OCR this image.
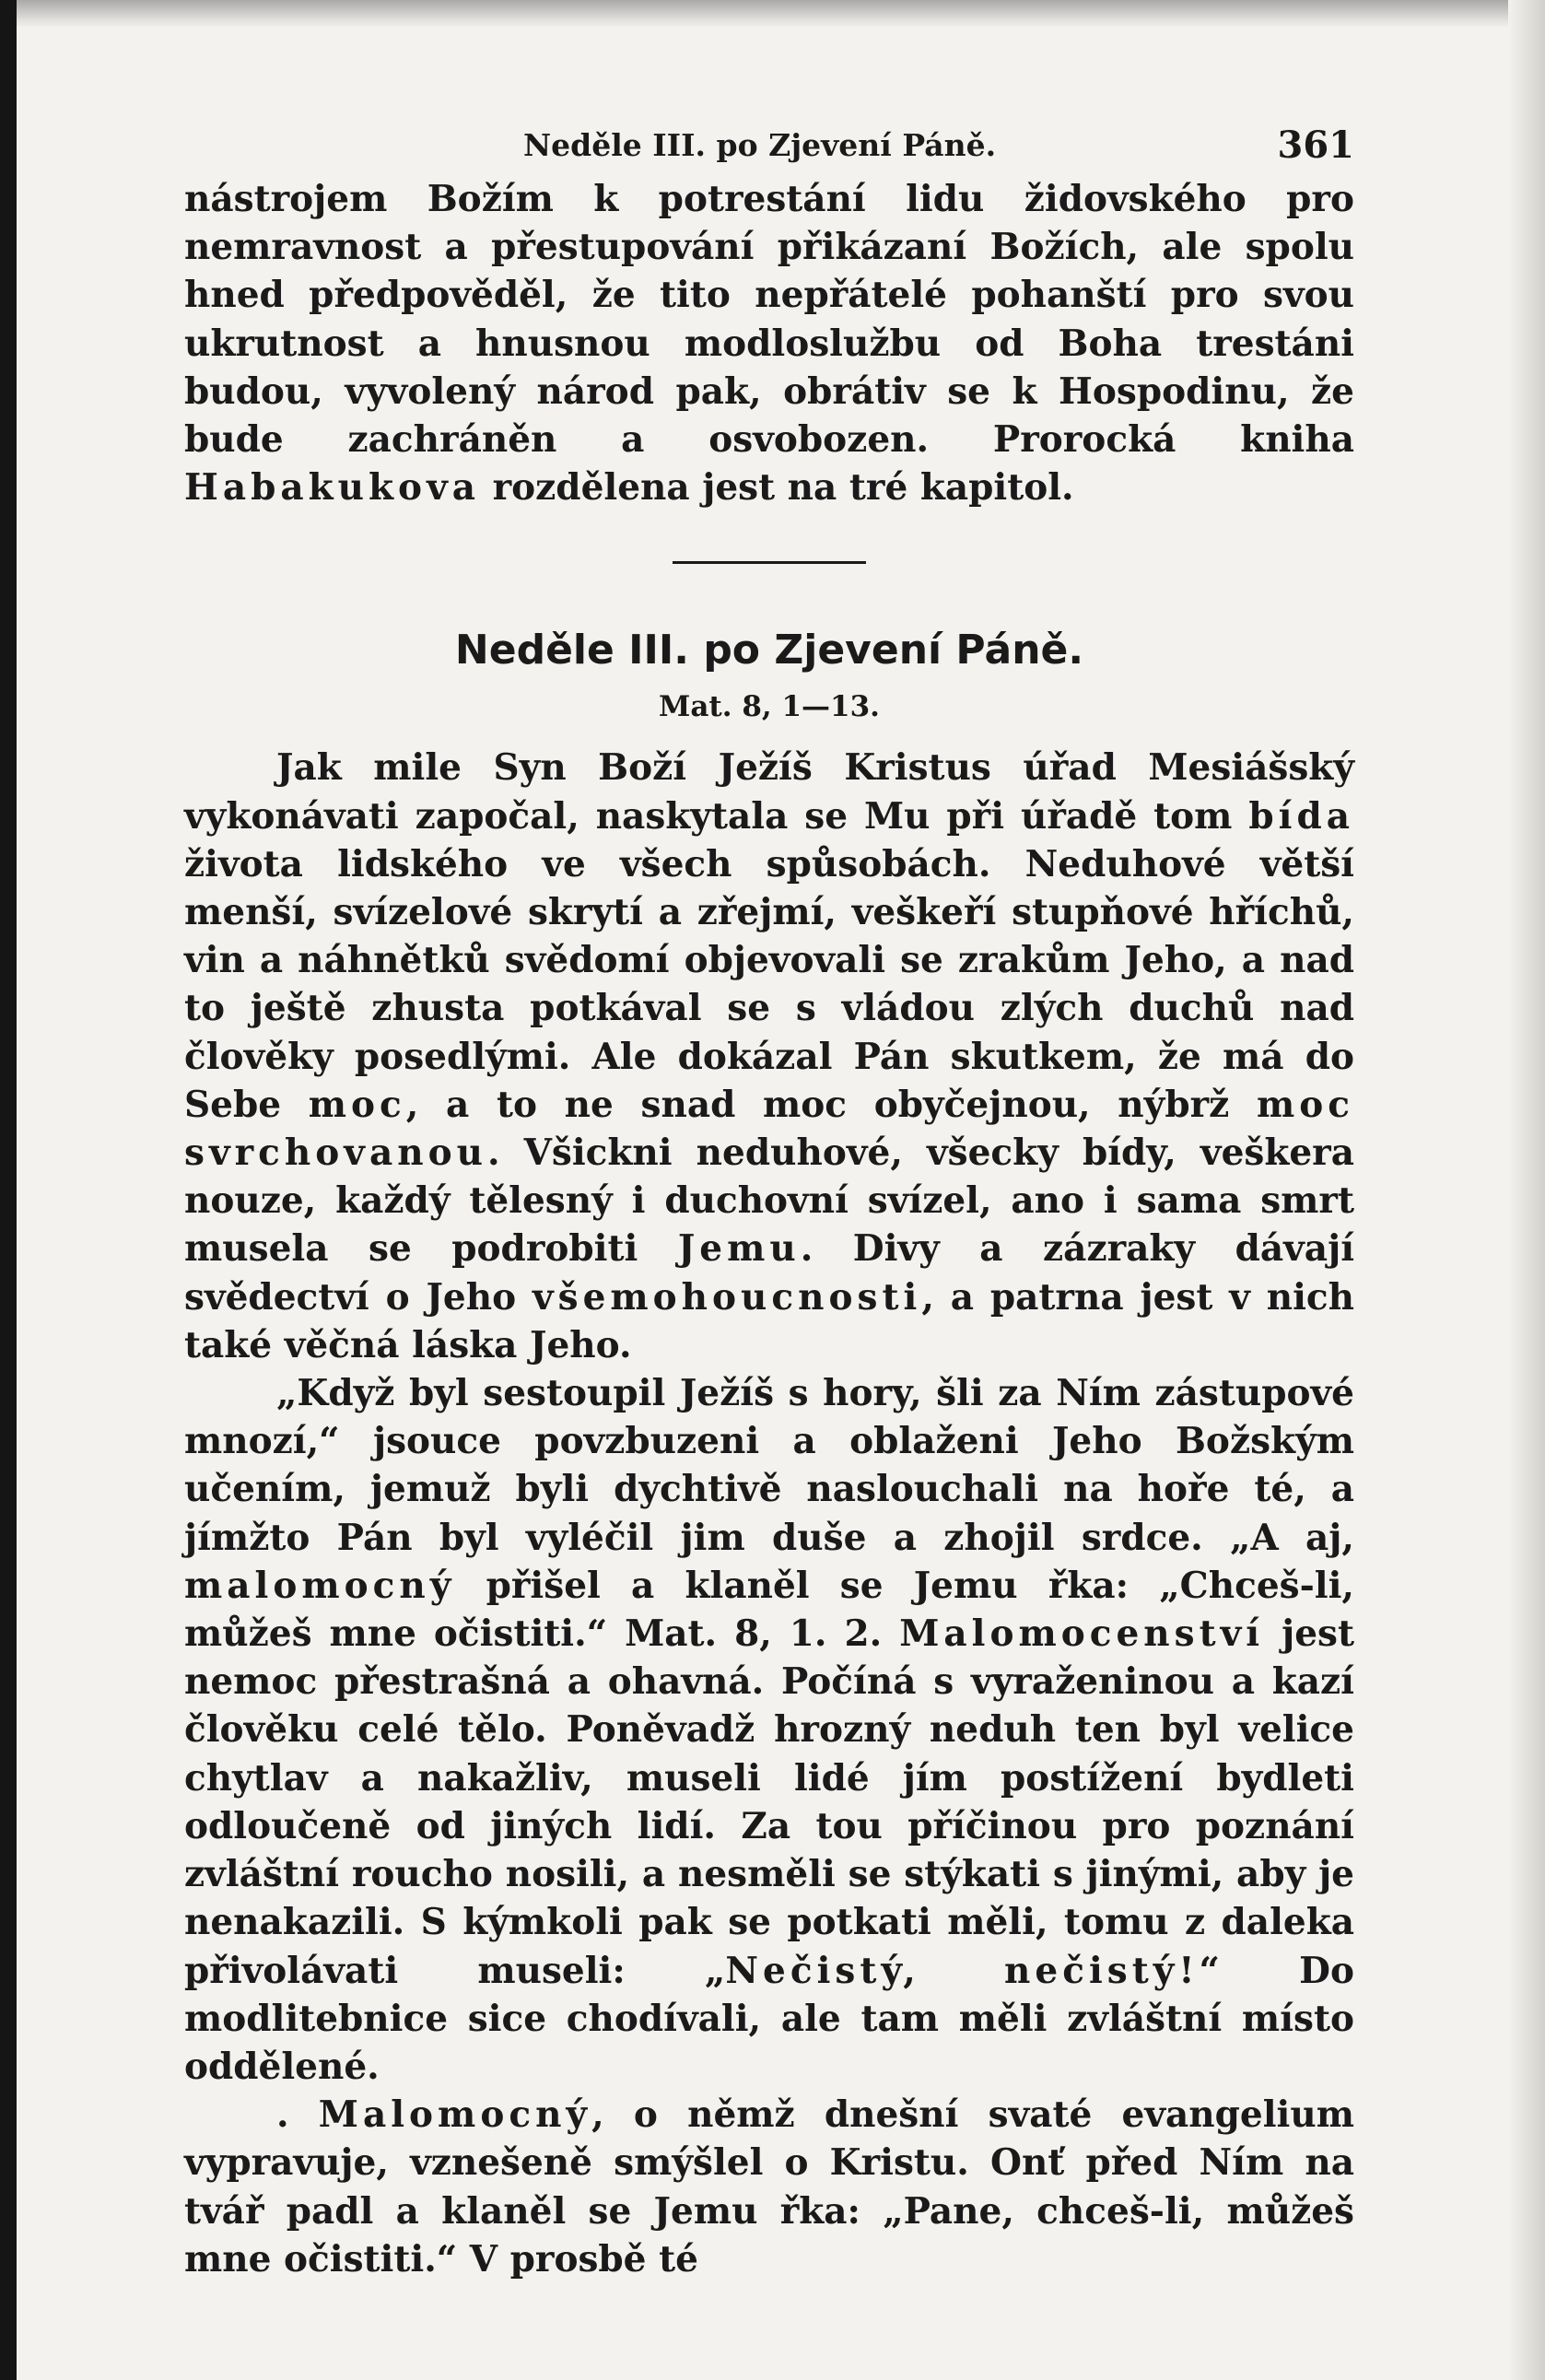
Neděle III. po Zjevení Páně.	361

nástrojem Božím k potrestání lidu židovského pro nemravnost a přestupování přikázaní Božích, ale spolu hned předpověděl, že tito nepřátelé pohanští pro svou ukrutnost a hnusnou modloslužbu od Boha trestáni budou, vyvolený národ pak, obrátiv se k Hospodinu, že bude zachráněn a osvobozen. Prorocká kniha Habakukova rozdělena jest na tré kapitol.

Neděle III. po Zjevení Páně.
Mat. 8, 1—13.

Jak mile Syn Boží Ježíš Kristus úřad Mesiášský vykonávati započal, naskytala se Mu při úřadě tom bída života lidského ve všech spůsobách. Neduhové větší menší, svízelové skrytí a zřejmí, veškeří stupňové hříchů, vin a náhnětků svědomí objevovali se zrakům Jeho, a nad to ještě zhusta potkával se s vládou zlých duchů nad člověky posedlými. Ale dokázal Pán skutkem, že má do Sebe moc, a to ne snad moc obyčejnou, nýbrž moc svrchovanou. Všickni neduhové, všecky bídy, veškera nouze, každý tělesný i duchovní svízel, ano i sama smrt musela se podrobiti Jemu. Divy a zázraky dávají svědectví o Jeho všemohoucnosti, a patrna jest v nich také věčná láska Jeho.

„Když byl sestoupil Ježíš s hory, šli za Ním zástupové mnozí,“ jsouce povzbuzeni a oblaženi Jeho Božským učením, jemuž byli dychtivě naslouchali na hoře té, a jímžto Pán byl vyléčil jim duše a zhojil srdce. „A aj, malomocný přišel a klaněl se Jemu řka: „Chceš-li, můžeš mne očistiti.“ Mat. 8, 1. 2. Malomocenství jest nemoc přestrašná a ohavná. Počíná s vyraženinou a kazí člověku celé tělo. Poněvadž hrozný neduh ten byl velice chytlav a nakažliv, museli lidé jím postížení bydleti odloučeně od jiných lidí. Za tou příčinou pro poznání zvláštní roucho nosili, a nesměli se stýkati s jinými, aby je nenakazili. S kýmkoli pak se potkati měli, tomu z daleka přivolávati museli: „Nečistý, nečistý!“ Do modlitebnice sice chodívali, ale tam měli zvláštní místo oddělené.

. Malomocný, o němž dnešní svaté evangelium vypravuje, vznešeně smýšlel o Kristu. Onť před Ním na tvář padl a klaněl se Jemu řka: „Pane, chceš-li, můžeš mne očistiti.“ V prosbě té
